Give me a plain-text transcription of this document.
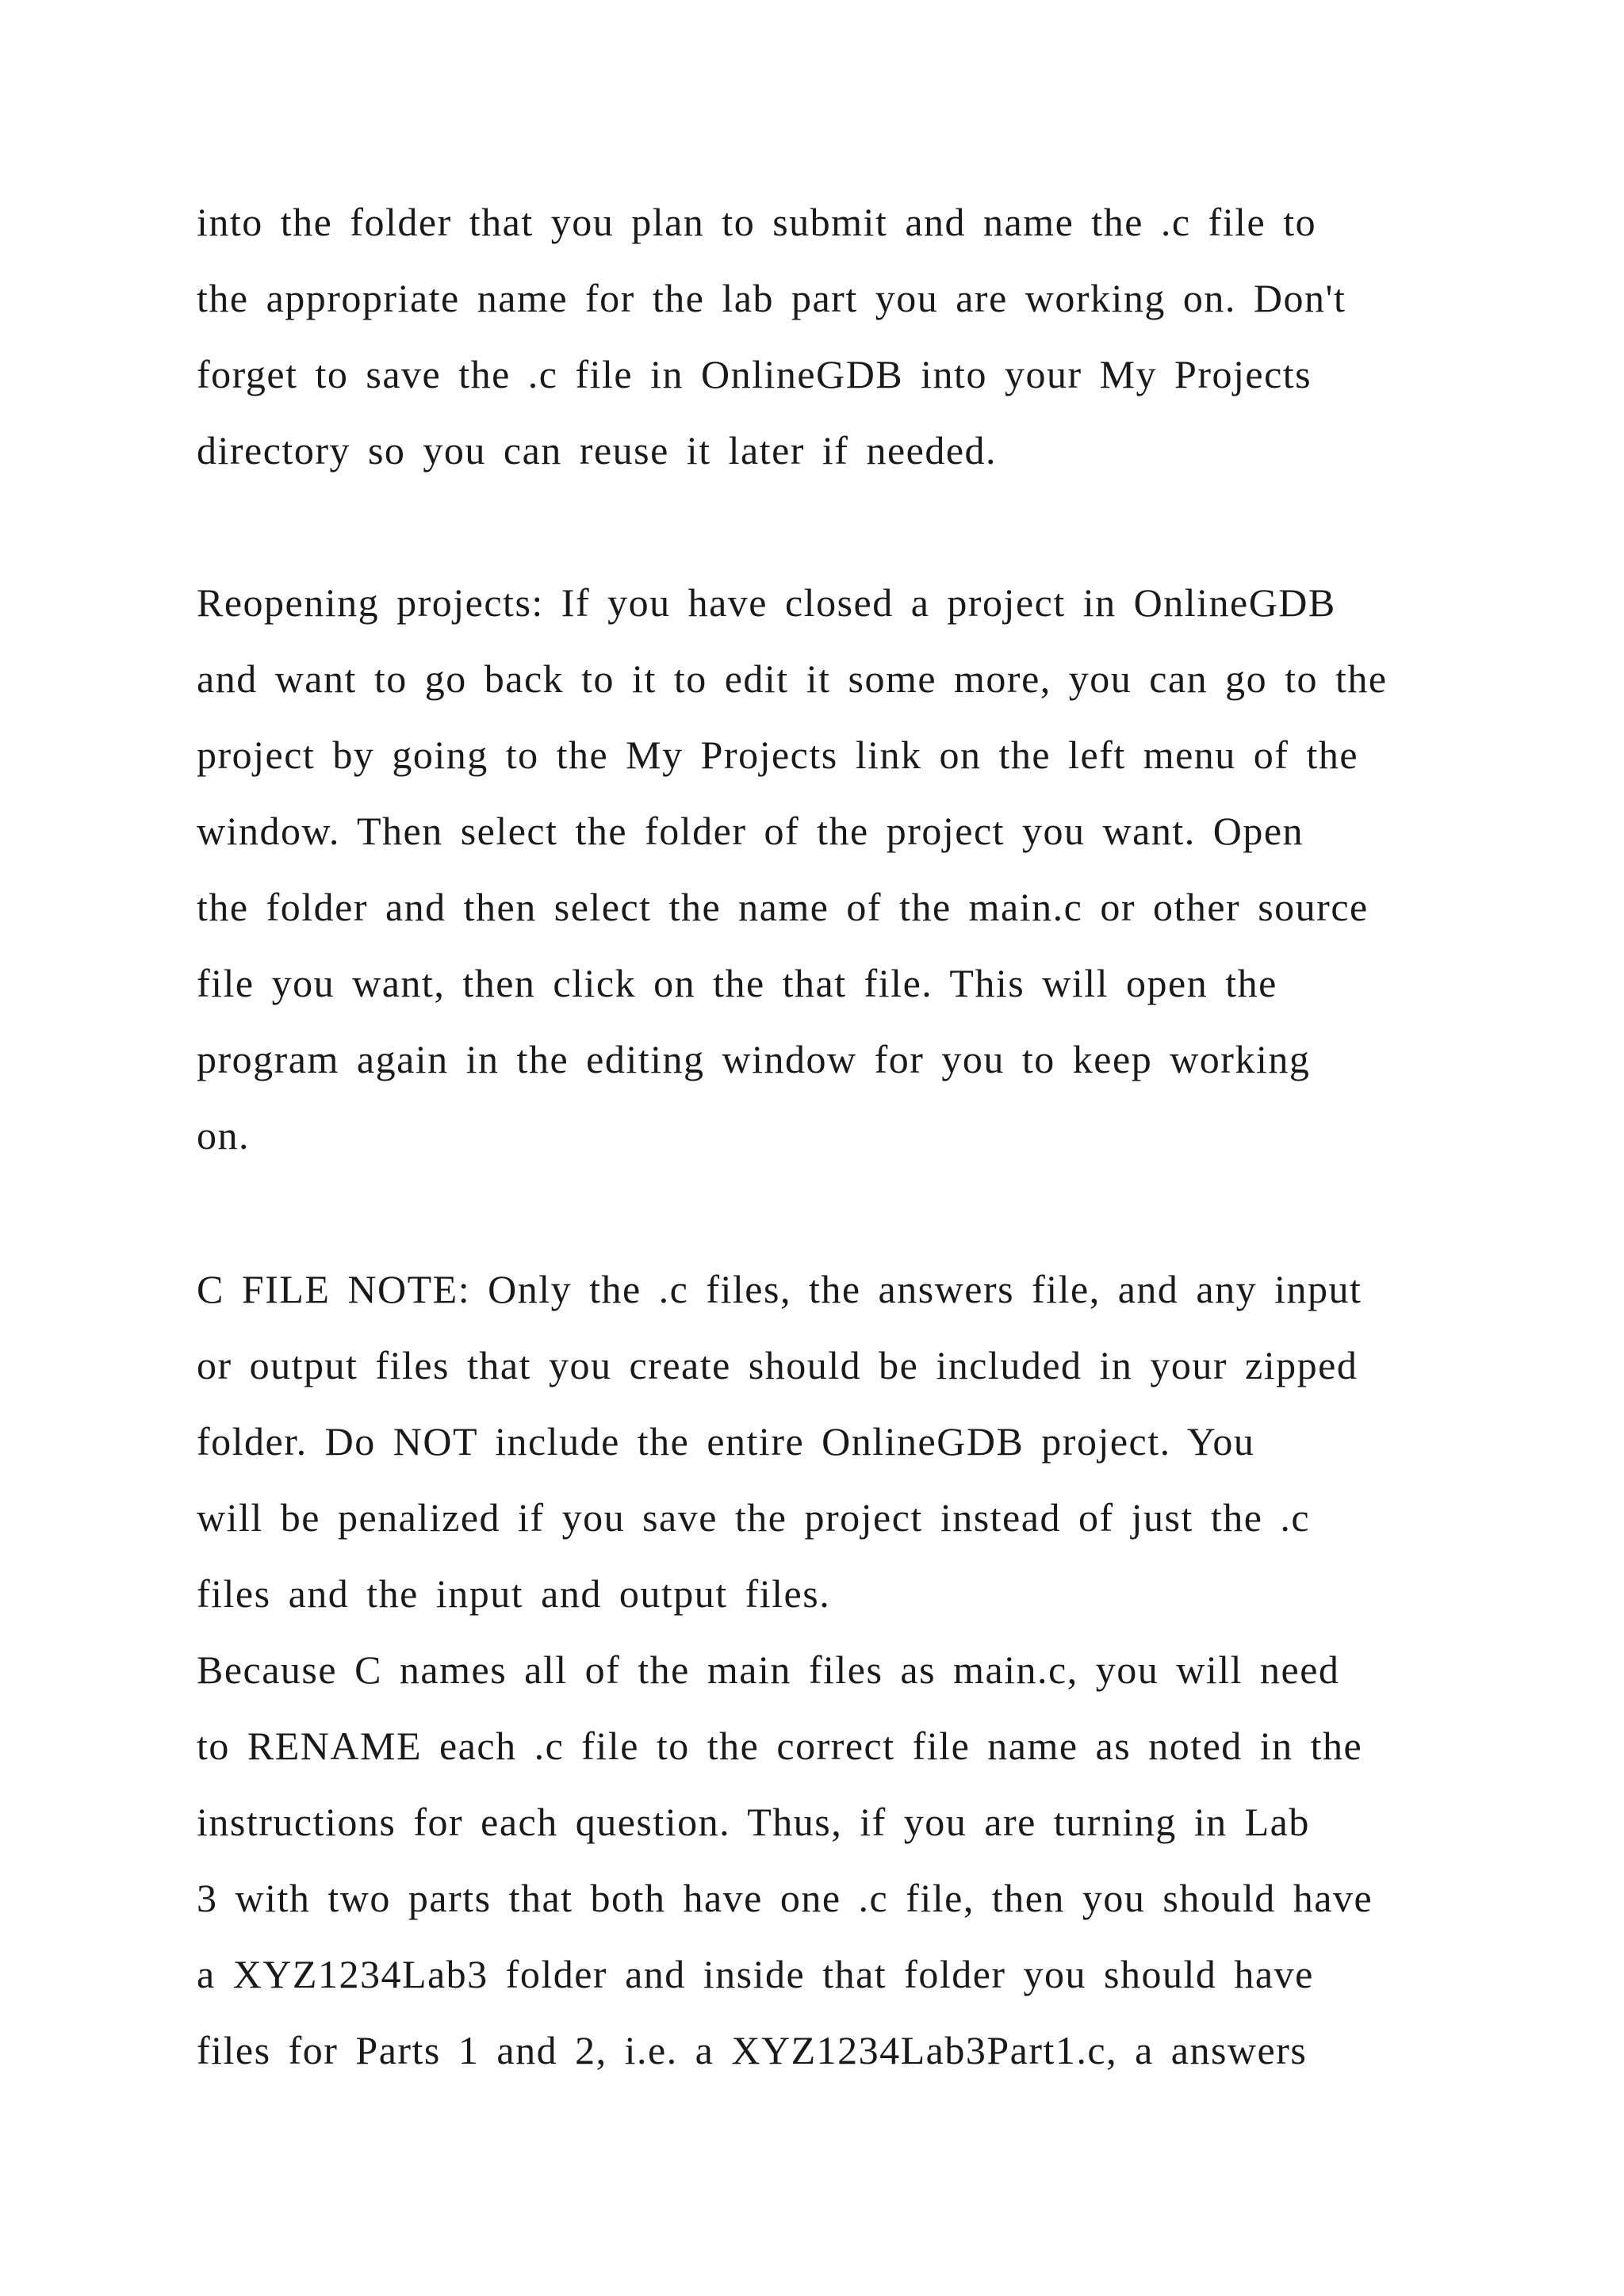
into the folder that you plan to submit and name the .c file to
the appropriate name for the lab part you are working on. Don't
forget to save the .c file in OnlineGDB into your My Projects
directory so you can reuse it later if needed.
Reopening projects: If you have closed a project in OnlineGDB
and want to go back to it to edit it some more, you can go to the
project by going to the My Projects link on the left menu of the
window. Then select the folder of the project you want. Open
the folder and then select the name of the main.c or other source
file you want, then click on the that file. This will open the
program again in the editing window for you to keep working
on.
C FILE NOTE: Only the .c files, the answers file, and any input
or output files that you create should be included in your zipped
folder. Do NOT include the entire OnlineGDB project. You
will be penalized if you save the project instead of just the .c
files and the input and output files.
Because C names all of the main files as main.c, you will need
to RENAME each .c file to the correct file name as noted in the
instructions for each question. Thus, if you are turning in Lab
3 with two parts that both have one .c file, then you should have
a XYZ1234Lab3 folder and inside that folder you should have
files for Parts 1 and 2, i.e. a XYZ1234Lab3Part1.c, a answers
